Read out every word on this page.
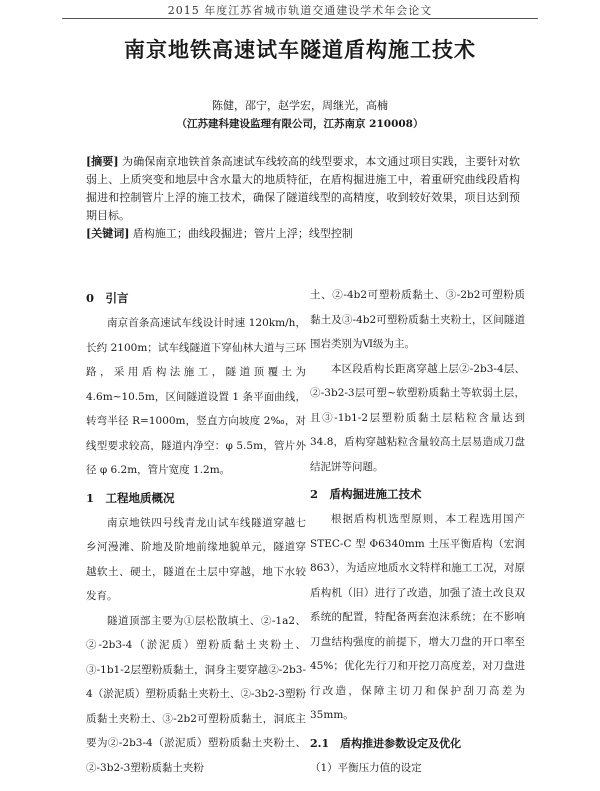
2015 年度江苏省城市轨道交通建设学术年会论文
南京地铁高速试车隧道盾构施工技术
陈健，邵宁，赵学宏，周继光，高楠
（江苏建科建设监理有限公司，江苏南京 210008）

[摘要] 为确保南京地铁首条高速试车线较高的线型要求，本文通过项目实践，主要针对软弱上、上质突变和地层中含水量大的地质特征，在盾构掘进施工中，着重研究曲线段盾构掘进和控制管片上浮的施工技术，确保了隧道线型的高精度，收到较好效果，项目达到预期目标。

[关键词] 盾构施工；曲线段掘进；管片上浮；线型控制

0　引言

南京首条高速试车线设计时速 120km/h，长约 2100m；试车线隧道下穿仙林大道与三环路，采用盾构法施工，隧道顶覆土为 4.6m~10.5m，区间隧道设置 1 条平面曲线，转弯半径 R=1000m，竖直方向坡度 2‰，对线型要求较高，隧道内净空：φ 5.5m，管片外径 φ 6.2m，管片宽度 1.2m。

1　工程地质概况

南京地铁四号线青龙山试车线隧道穿越七乡河漫滩、阶地及阶地前缘地貌单元，隧道穿越软土、硬土，隧道在土层中穿越，地下水较发育。

隧道顶部主要为①层松散填土、②-1a2、②-2b3-4（淤泥质）塑粉质黏土夹粉土、③-1b1-2层塑粉质黏土，洞身主要穿越②-2b3-4（淤泥质）塑粉质黏土夹粉土、②-3b2-3塑粉质黏土夹粉土、③-2b2可塑粉质黏土，洞底主要为②-2b3-4（淤泥质）塑粉质黏土夹粉土、②-3b2-3塑粉质黏土夹粉

土、②-4b2可塑粉质黏土、③-2b2可塑粉质黏土及③-4b2可塑粉质黏土夹粉土，区间隧道围岩类别为Ⅵ级为主。

本区段盾构长距离穿越上层②-2b3-4层、②-3b2-3层可塑~软塑粉质黏土等软弱土层，且③-1b1-2层塑粉质黏土层粘粒含量达到 34.8，盾构穿越粘粒含量较高土层易造成刀盘结泥饼等问题。

2　盾构掘进施工技术

根据盾构机选型原则，本工程选用国产 STEC-C 型 Φ6340mm 土压平衡盾构（宏润 863），为适应地质水文特样和施工工况，对原盾构机（旧）进行了改造，加强了渣土改良双系统的配置，特配备两套泡沫系统；在不影响刀盘结构强度的前提下，增大刀盘的开口率至 45%；优化先行刀和开挖刀高度差，对刀盘进行改造，保障主切刀和保护刮刀高差为 35mm。

2.1　盾构推进参数设定及优化

（1）平衡压力值的设定
